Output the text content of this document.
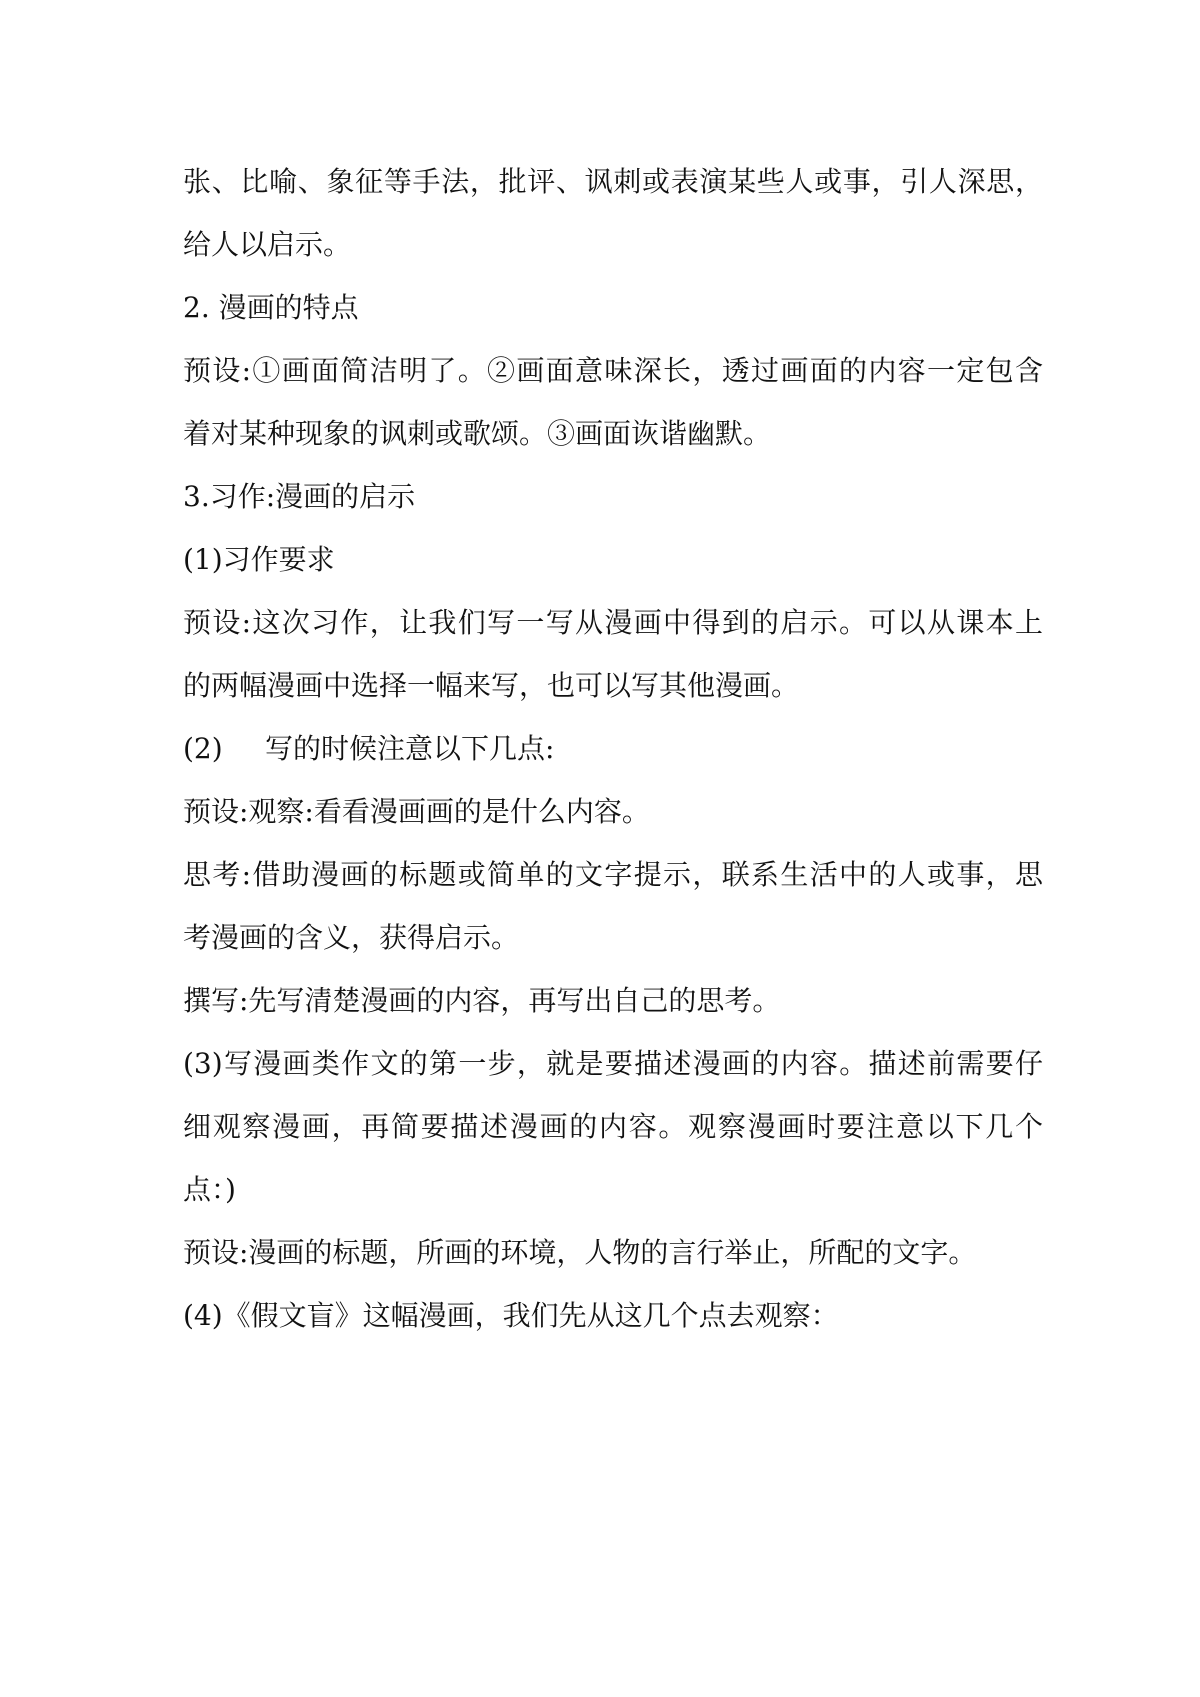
张、比喻、象征等手法，批评、讽刺或表演某些人或事，引人深思，
给人以启示。
2. 漫画的特点
预设:①画面简洁明了。②画面意味深长，透过画面的内容一定包含
着对某种现象的讽刺或歌颂。③画面诙谐幽默。
3.习作:漫画的启示
(1)习作要求
预设:这次习作，让我们写一写从漫画中得到的启示。可以从课本上
的两幅漫画中选择一幅来写，也可以写其他漫画。
(2)	写的时候注意以下几点:
预设:观察:看看漫画画的是什么内容。
思考:借助漫画的标题或简单的文字提示，联系生活中的人或事，思
考漫画的含义，获得启示。
撰写:先写清楚漫画的内容，再写出自己的思考。
(3)写漫画类作文的第一步，就是要描述漫画的内容。描述前需要仔
细观察漫画，再简要描述漫画的内容。观察漫画时要注意以下几个
点：)
预设:漫画的标题，所画的环境，人物的言行举止，所配的文字。
(4)《假文盲》这幅漫画，我们先从这几个点去观察：
